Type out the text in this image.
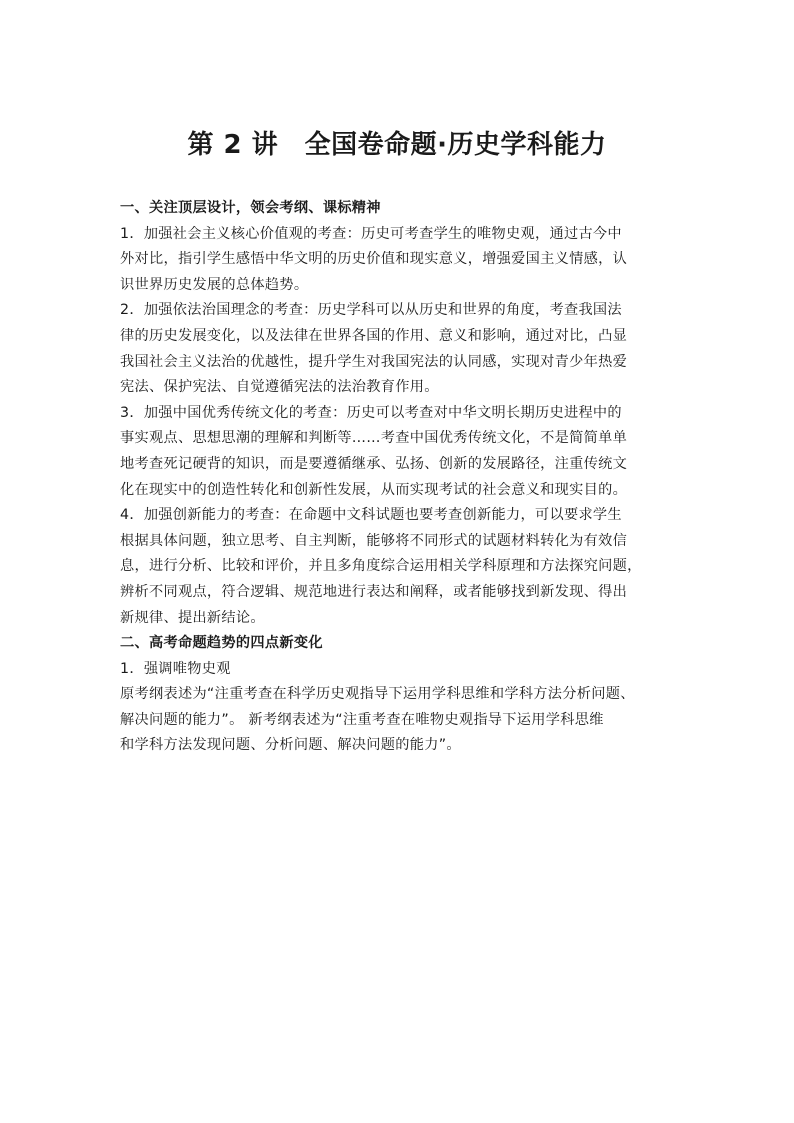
第 2 讲　全国卷命题·历史学科能力
一、关注顶层设计，领会考纲、课标精神
1．加强社会主义核心价值观的考查：历史可考查学生的唯物史观，通过古今中
外对比，指引学生感悟中华文明的历史价值和现实意义，增强爱国主义情感，认
识世界历史发展的总体趋势。
2．加强依法治国理念的考查：历史学科可以从历史和世界的角度，考查我国法
律的历史发展变化，以及法律在世界各国的作用、意义和影响，通过对比，凸显
我国社会主义法治的优越性，提升学生对我国宪法的认同感，实现对青少年热爱
宪法、保护宪法、自觉遵循宪法的法治教育作用。
3．加强中国优秀传统文化的考查：历史可以考查对中华文明长期历史进程中的
事实观点、思想思潮的理解和判断等……考查中国优秀传统文化，不是简简单单
地考查死记硬背的知识，而是要遵循继承、弘扬、创新的发展路径，注重传统文
化在现实中的创造性转化和创新性发展，从而实现考试的社会意义和现实目的。
4．加强创新能力的考查：在命题中文科试题也要考查创新能力，可以要求学生
根据具体问题，独立思考、自主判断，能够将不同形式的试题材料转化为有效信
息，进行分析、比较和评价，并且多角度综合运用相关学科原理和方法探究问题，
辨析不同观点，符合逻辑、规范地进行表达和阐释，或者能够找到新发现、得出
新规律、提出新结论。
二、高考命题趋势的四点新变化
1．强调唯物史观
原考纲表述为“注重考查在科学历史观指导下运用学科思维和学科方法分析问题、
解决问题的能力”。 新考纲表述为“注重考查在唯物史观指导下运用学科思维
和学科方法发现问题、分析问题、解决问题的能力”。
